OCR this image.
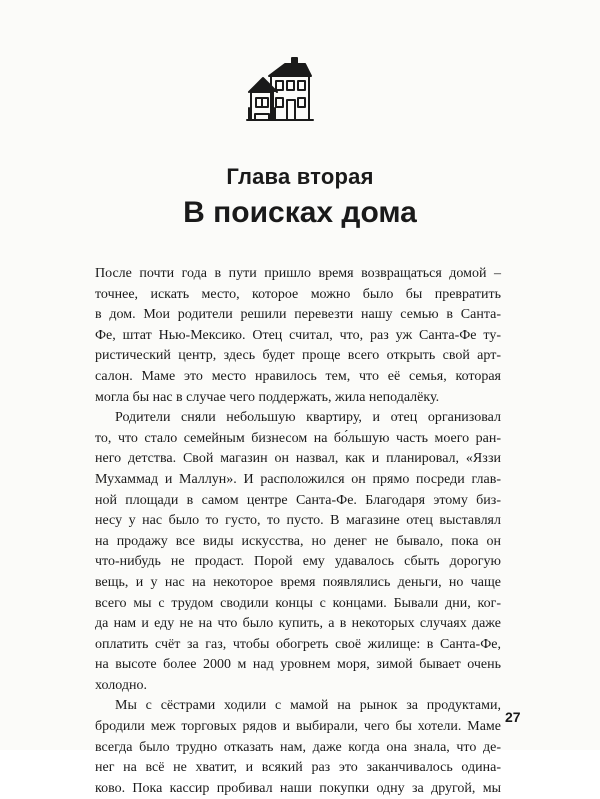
Глава вторая
В поисках дома
После почти года в пути пришло время возвращаться домой –
точнее, искать место, которое можно было бы превратить
в дом. Мои родители решили перевезти нашу семью в Санта-
Фе, штат Нью-Мексико. Отец считал, что, раз уж Санта-Фе ту-
ристический центр, здесь будет проще всего открыть свой арт-
салон. Маме это место нравилось тем, что её семья, которая
могла бы нас в случае чего поддержать, жила неподалёку.
Родители сняли небольшую квартиру, и отец организовал
то, что стало семейным бизнесом на бо́льшую часть моего ран-
него детства. Свой магазин он назвал, как и планировал, «Яззи
Мухаммад и Маллун». И расположился он прямо посреди глав-
ной площади в самом центре Санта-Фе. Благодаря этому биз-
несу у нас было то густо, то пусто. В магазине отец выставлял
на продажу все виды искусства, но денег не бывало, пока он
что-нибудь не продаст. Порой ему удавалось сбыть дорогую
вещь, и у нас на некоторое время появлялись деньги, но чаще
всего мы с трудом сводили концы с концами. Бывали дни, ког-
да нам и еду не на что было купить, а в некоторых случаях даже
оплатить счёт за газ, чтобы обогреть своё жилище: в Санта-Фе,
на высоте более 2000 м над уровнем моря, зимой бывает очень
холодно.
Мы с сёстрами ходили с мамой на рынок за продуктами,
бродили меж торговых рядов и выбирали, чего бы хотели. Маме
всегда было трудно отказать нам, даже когда она знала, что де-
нег на всё не хватит, и всякий раз это заканчивалось одина-
ково. Пока кассир пробивал наши покупки одну за другой, мы
27
